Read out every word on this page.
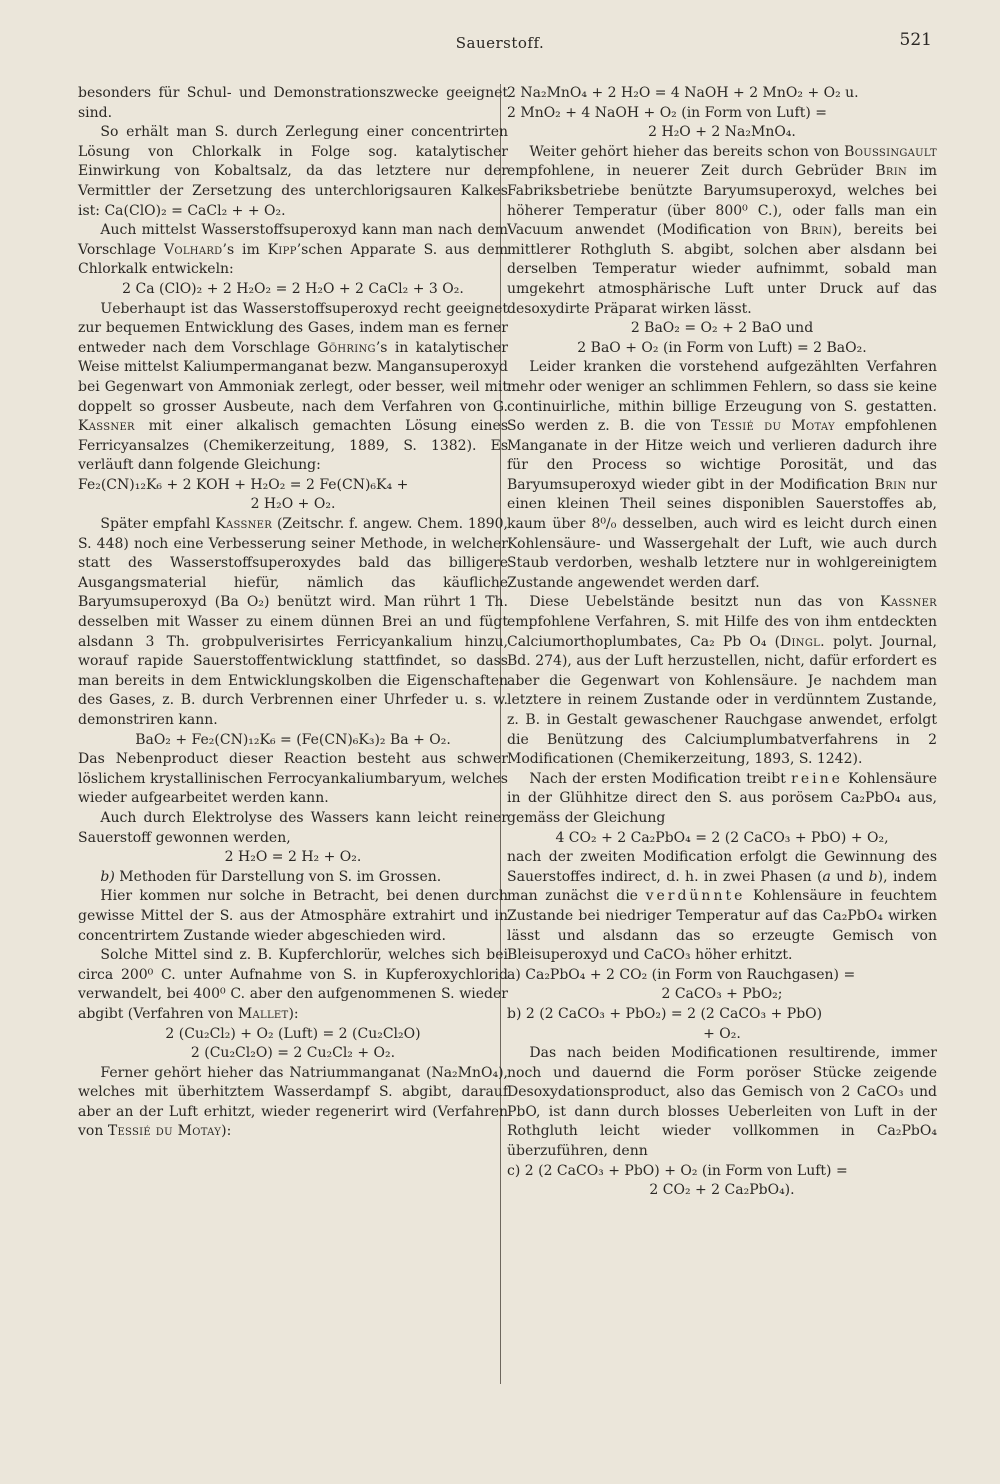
Sauerstoff.	521

besonders für Schul- und Demonstrationszwecke geeignet sind.

So erhält man S. durch Zerlegung einer concentrirten Lösung von Chlorkalk in Folge sog. katalytischer Einwirkung von Kobaltsalz, da das letztere nur der Vermittler der Zersetzung des unterchlorigsauren Kalkes ist: Ca(ClO)₂ = CaCl₂ + + O₂.

Auch mittelst Wasserstoffsuperoxyd kann man nach dem Vorschlage Volhard’s im Kipp’schen Apparate S. aus dem Chlorkalk entwickeln:

2 Ca (ClO)₂ + 2 H₂O₂ = 2 H₂O + 2 CaCl₂ + 3 O₂.

Ueberhaupt ist das Wasserstoffsuperoxyd recht geeignet zur bequemen Entwicklung des Gases, indem man es ferner entweder nach dem Vorschlage Göhring’s in katalytischer Weise mittelst Kaliumpermanganat bezw. Mangansuperoxyd bei Gegenwart von Ammoniak zerlegt, oder besser, weil mit doppelt so grosser Ausbeute, nach dem Verfahren von G. Kassner mit einer alkalisch gemachten Lösung eines Ferricyansalzes (Chemikerzeitung, 1889, S. 1382). Es verläuft dann folgende Gleichung:

Fe₂(CN)₁₂K₆ + 2 KOH + H₂O₂ = 2 Fe(CN)₆K₄ +

2 H₂O + O₂.

Später empfahl Kassner (Zeitschr. f. angew. Chem. 1890, S. 448) noch eine Verbesserung seiner Methode, in welcher statt des Wasserstoffsuperoxydes bald das billigere Ausgangsmaterial hiefür, nämlich das käufliche Baryumsuperoxyd (Ba O₂) benützt wird. Man rührt 1 Th. desselben mit Wasser zu einem dünnen Brei an und fügt alsdann 3 Th. grobpulverisirtes Ferricyankalium hinzu, worauf rapide Sauerstoffentwicklung stattfindet, so dass man bereits in dem Entwicklungskolben die Eigenschaften des Gases, z. B. durch Verbrennen einer Uhrfeder u. s. w. demonstriren kann.

BaO₂ + Fe₂(CN)₁₂K₆ = (Fe(CN)₆K₃)₂ Ba + O₂.

Das Nebenproduct dieser Reaction besteht aus schwer löslichem krystallinischen Ferrocyankaliumbaryum, welches wieder aufgearbeitet werden kann.

Auch durch Elektrolyse des Wassers kann leicht reiner Sauerstoff gewonnen werden,

2 H₂O = 2 H₂ + O₂.

b) Methoden für Darstellung von S. im Grossen.

Hier kommen nur solche in Betracht, bei denen durch gewisse Mittel der S. aus der Atmosphäre extrahirt und in concentrirtem Zustande wieder abgeschieden wird.

Solche Mittel sind z. B. Kupferchlorür, welches sich bei circa 200⁰ C. unter Aufnahme von S. in Kupferoxychlorid verwandelt, bei 400⁰ C. aber den aufgenommenen S. wieder abgibt (Verfahren von Mallet):

2 (Cu₂Cl₂) + O₂ (Luft) = 2 (Cu₂Cl₂O)

2 (Cu₂Cl₂O) = 2 Cu₂Cl₂ + O₂.

Ferner gehört hieher das Natriummanganat (Na₂MnO₄), welches mit überhitztem Wasserdampf S. abgibt, darauf aber an der Luft erhitzt, wieder regenerirt wird (Verfahren von Tessié du Motay):

2 Na₂MnO₄ + 2 H₂O = 4 NaOH + 2 MnO₂ + O₂ u.

2 MnO₂ + 4 NaOH + O₂ (in Form von Luft) =

2 H₂O + 2 Na₂MnO₄.

Weiter gehört hieher das bereits schon von Boussingault empfohlene, in neuerer Zeit durch Gebrüder Brin im Fabriksbetriebe benützte Baryumsuperoxyd, welches bei höherer Temperatur (über 800⁰ C.), oder falls man ein Vacuum anwendet (Modification von Brin), bereits bei mittlerer Rothgluth S. abgibt, solchen aber alsdann bei derselben Temperatur wieder aufnimmt, sobald man umgekehrt atmosphärische Luft unter Druck auf das desoxydirte Präparat wirken lässt.

2 BaO₂ = O₂ + 2 BaO und

2 BaO + O₂ (in Form von Luft) = 2 BaO₂.

Leider kranken die vorstehend aufgezählten Verfahren mehr oder weniger an schlimmen Fehlern, so dass sie keine continuirliche, mithin billige Erzeugung von S. gestatten. So werden z. B. die von Tessié du Motay empfohlenen Manganate in der Hitze weich und verlieren dadurch ihre für den Process so wichtige Porosität, und das Baryumsuperoxyd wieder gibt in der Modification Brin nur einen kleinen Theil seines disponiblen Sauerstoffes ab, kaum über 8⁰/₀ desselben, auch wird es leicht durch einen Kohlensäure- und Wassergehalt der Luft, wie auch durch Staub verdorben, weshalb letztere nur in wohlgereinigtem Zustande angewendet werden darf.

Diese Uebelstände besitzt nun das von Kassner empfohlene Verfahren, S. mit Hilfe des von ihm entdeckten Calciumorthoplumbates, Ca₂ Pb O₄ (Dingl. polyt. Journal, Bd. 274), aus der Luft herzustellen, nicht, dafür erfordert es aber die Gegenwart von Kohlensäure. Je nachdem man letztere in reinem Zustande oder in verdünntem Zustande, z. B. in Gestalt gewaschener Rauchgase anwendet, erfolgt die Benützung des Calciumplumbatverfahrens in 2 Modificationen (Chemikerzeitung, 1893, S. 1242).

Nach der ersten Modification treibt reine Kohlensäure in der Glühhitze direct den S. aus porösem Ca₂PbO₄ aus, gemäss der Gleichung

4 CO₂ + 2 Ca₂PbO₄ = 2 (2 CaCO₃ + PbO) + O₂,

nach der zweiten Modification erfolgt die Gewinnung des Sauerstoffes indirect, d. h. in zwei Phasen (a und b), indem man zunächst die verdünnte Kohlensäure in feuchtem Zustande bei niedriger Temperatur auf das Ca₂PbO₄ wirken lässt und alsdann das so erzeugte Gemisch von Bleisuperoxyd und CaCO₃ höher erhitzt.

a) Ca₂PbO₄ + 2 CO₂ (in Form von Rauchgasen) =

2 CaCO₃ + PbO₂;

b) 2 (2 CaCO₃ + PbO₂) = 2 (2 CaCO₃ + PbO)

+ O₂.

Das nach beiden Modificationen resultirende, immer noch und dauernd die Form poröser Stücke zeigende Desoxydationsproduct, also das Gemisch von 2 CaCO₃ und PbO, ist dann durch blosses Ueberleiten von Luft in der Rothgluth leicht wieder vollkommen in Ca₂PbO₄ überzuführen, denn

c) 2 (2 CaCO₃ + PbO) + O₂ (in Form von Luft) =

2 CO₂ + 2 Ca₂PbO₄).
